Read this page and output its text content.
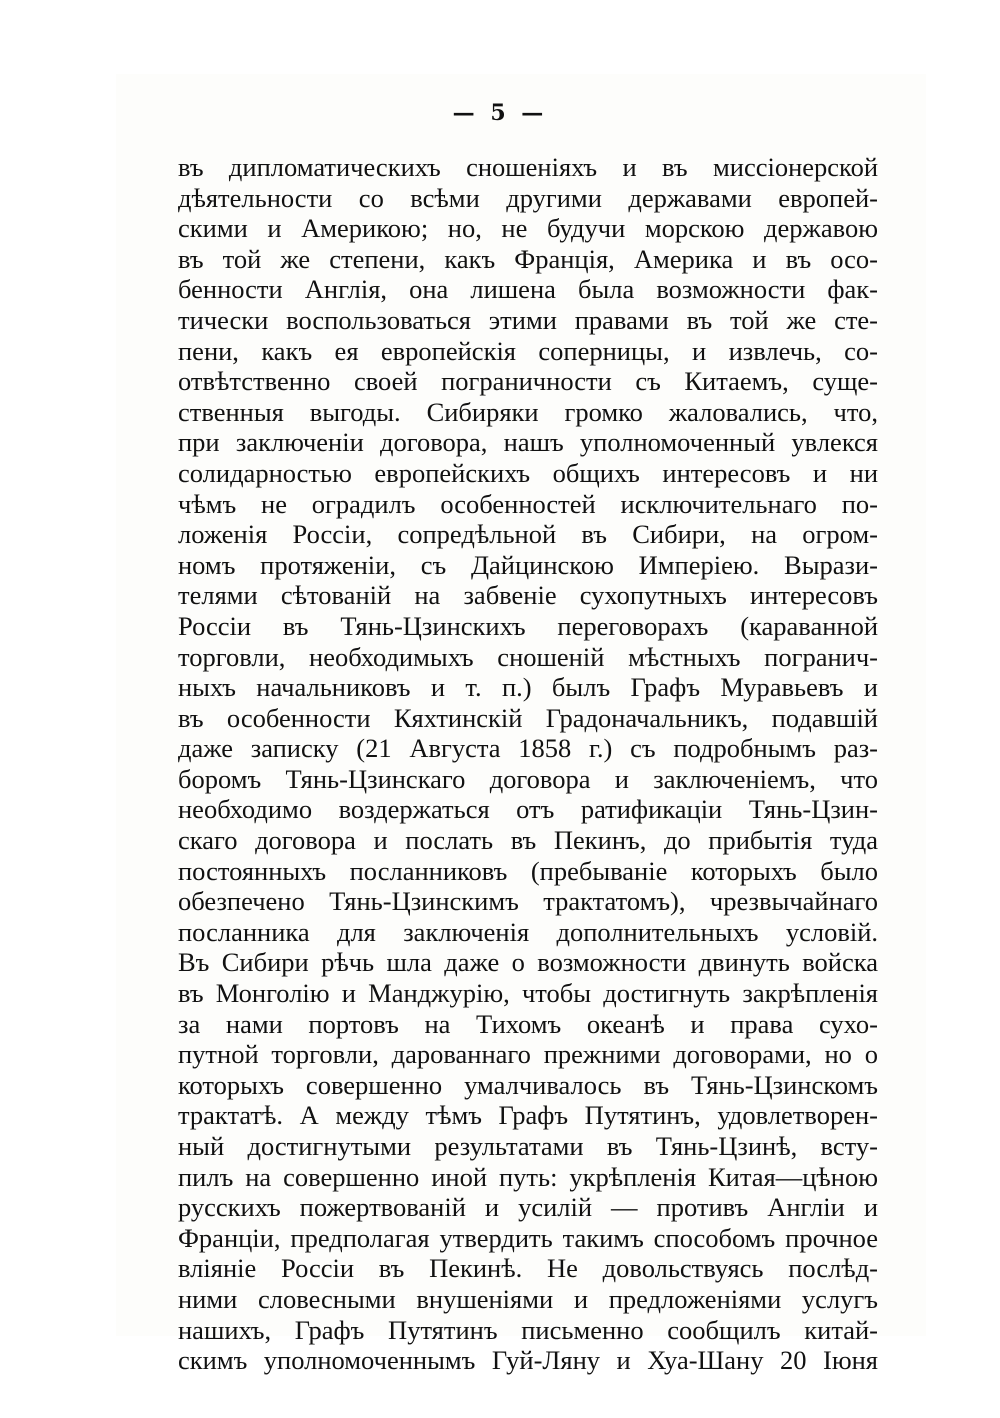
— 5 —
въ дипломатическихъ сношеніяхъ и въ миссіонерской
дѣятельности со всѣми другими державами европей-
скими и Америкою; но, не будучи морскою державою
въ той же степени, какъ Франція, Америка и въ осо-
бенности Англія, она лишена была возможности фак-
тически воспользоваться этими правами въ той же сте-
пени, какъ ея европейскія соперницы, и извлечь, со-
отвѣтственно своей пограничности съ Китаемъ, суще-
ственныя выгоды. Сибиряки громко жаловались, что,
при заключеніи договора, нашъ уполномоченный увлекся
солидарностью европейскихъ общихъ интересовъ и ни
чѣмъ не оградилъ особенностей исключительнаго по-
ложенія Россіи, сопредѣльной въ Сибири, на огром-
номъ протяженіи, съ Дайцинскою Имперіею. Вырази-
телями сѣтованій на забвеніе сухопутныхъ интересовъ
Россіи въ Тянь-Цзинскихъ переговорахъ (караванной
торговли, необходимыхъ сношеній мѣстныхъ погранич-
ныхъ начальниковъ и т. п.) былъ Графъ Муравьевъ и
въ особенности Кяхтинскій Градоначальникъ, подавшій
даже записку (21 Августа 1858 г.) съ подробнымъ раз-
боромъ Тянь-Цзинскаго договора и заключеніемъ, что
необходимо воздержаться отъ ратификаціи Тянь-Цзин-
скаго договора и послать въ Пекинъ, до прибытія туда
постоянныхъ посланниковъ (пребываніе которыхъ было
обезпечено Тянь-Цзинскимъ трактатомъ), чрезвычайнаго
посланника для заключенія дополнительныхъ условій.
Въ Сибири рѣчь шла даже о возможности двинуть войска
въ Монголію и Манджурію, чтобы достигнуть закрѣпленія
за нами портовъ на Тихомъ океанѣ и права сухо-
путной торговли, дарованнаго прежними договорами, но о
которыхъ совершенно умалчивалось въ Тянь-Цзинскомъ
трактатѣ. А между тѣмъ Графъ Путятинъ, удовлетворен-
ный достигнутыми результатами въ Тянь-Цзинѣ, всту-
пилъ на совершенно иной путь: укрѣпленія Китая—цѣною
русскихъ пожертвованій и усилій — противъ Англіи и
Франціи, предполагая утвердить такимъ способомъ прочное
вліяніе Россіи въ Пекинѣ. Не довольствуясь послѣд-
ними словесными внушеніями и предложеніями услугъ
нашихъ, Графъ Путятинъ письменно сообщилъ китай-
скимъ уполномоченнымъ Гуй-Ляну и Хуа-Шану 20 Іюня
